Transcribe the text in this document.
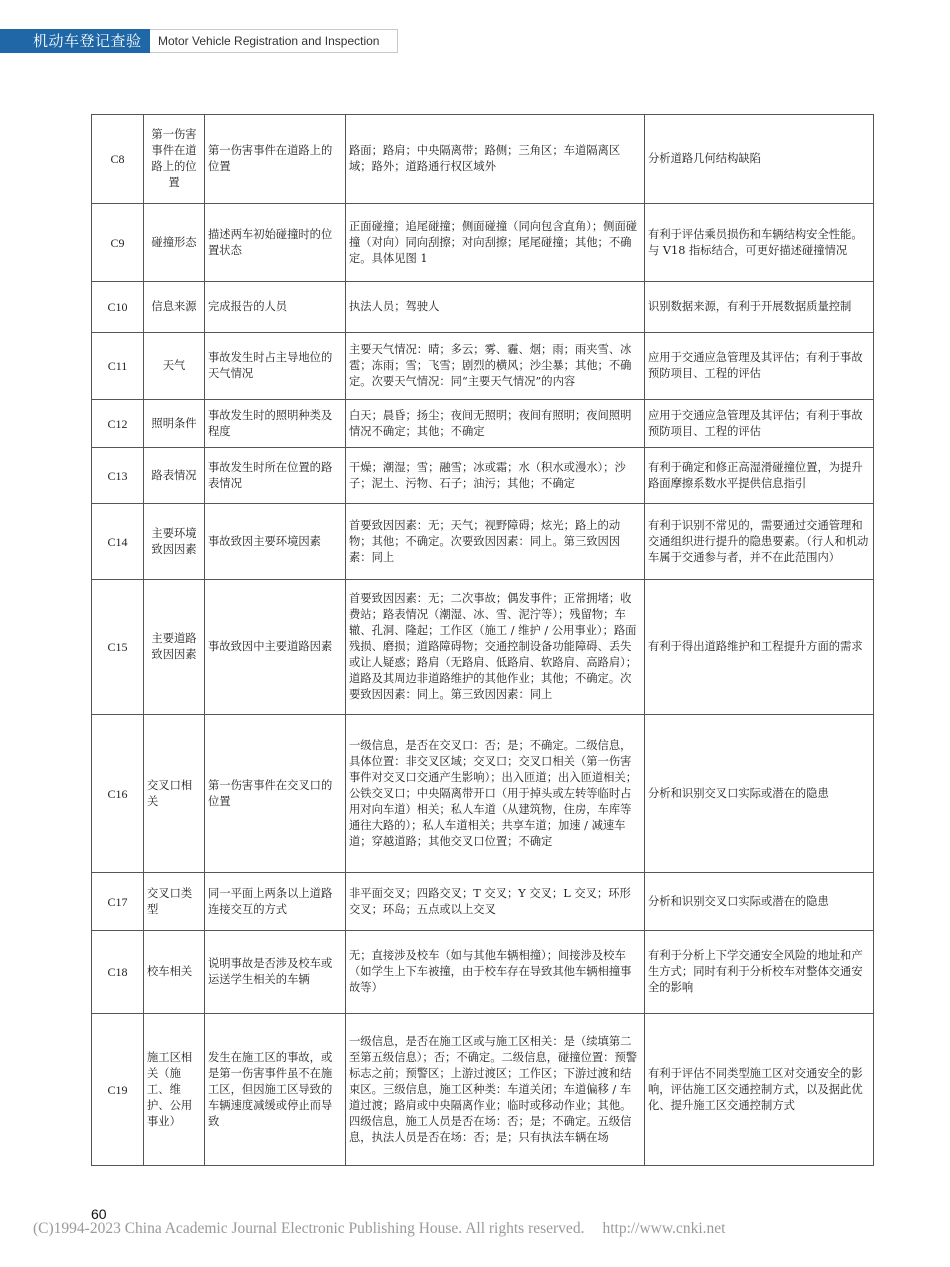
机动车登记查验	Motor Vehicle Registration and Inspection
C8	第一伤害事件在道路上的位置	第一伤害事件在道路上的位置	路面；路肩；中央隔离带；路侧；三角区；车道隔离区域；路外；道路通行权区域外	分析道路几何结构缺陷
C9	碰撞形态	描述两车初始碰撞时的位置状态	正面碰撞；追尾碰撞；侧面碰撞（同向包含直角）；侧面碰撞（对向）同向刮擦；对向刮擦；尾尾碰撞；其他；不确定。具体见图 1	有利于评估乘员损伤和车辆结构安全性能。与 V18 指标结合，可更好描述碰撞情况
C10	信息来源	完成报告的人员	执法人员；驾驶人	识别数据来源，有利于开展数据质量控制
C11	天气	事故发生时占主导地位的天气情况	主要天气情况：晴；多云；雾、霾、烟；雨；雨夹雪、冰雹；冻雨；雪；飞雪；剧烈的横风；沙尘暴；其他；不确定。次要天气情况：同“主要天气情况”的内容	应用于交通应急管理及其评估；有利于事故预防项目、工程的评估
C12	照明条件	事故发生时的照明种类及程度	白天；晨昏；扬尘；夜间无照明；夜间有照明；夜间照明情况不确定；其他；不确定	应用于交通应急管理及其评估；有利于事故预防项目、工程的评估
C13	路表情况	事故发生时所在位置的路表情况	干燥；潮湿；雪；融雪；冰或霜；水（积水或漫水）；沙子；泥土、污物、石子；油污；其他；不确定	有利于确定和修正高湿滑碰撞位置，为提升路面摩擦系数水平提供信息指引
C14	主要环境致因因素	事故致因主要环境因素	首要致因因素：无；天气；视野障碍；炫光；路上的动物；其他；不确定。次要致因因素：同上。第三致因因素：同上	有利于识别不常见的，需要通过交通管理和交通组织进行提升的隐患要素。（行人和机动车属于交通参与者，并不在此范围内）
C15	主要道路致因因素	事故致因中主要道路因素	首要致因因素：无；二次事故；偶发事件；正常拥堵；收费站；路表情况（潮湿、冰、雪、泥泞等）；残留物；车辙、孔洞、隆起；工作区（施工 / 维护 / 公用事业）；路面残损、磨损；道路障碍物；交通控制设备功能障碍、丢失或让人疑惑；路肩（无路肩、低路肩、软路肩、高路肩）；道路及其周边非道路维护的其他作业；其他；不确定。次要致因因素：同上。第三致因因素：同上	有利于得出道路维护和工程提升方面的需求
C16	交叉口相关	第一伤害事件在交叉口的位置	一级信息，是否在交叉口：否；是；不确定。二级信息，具体位置：非交叉区域；交叉口；交叉口相关（第一伤害事件对交叉口交通产生影响）；出入匝道；出入匝道相关；公铁交叉口；中央隔离带开口（用于掉头或左转等临时占用对向车道）相关；私人车道（从建筑物，住房，车库等通往大路的）；私人车道相关；共享车道；加速 / 减速车道；穿越道路；其他交叉口位置；不确定	分析和识别交叉口实际或潜在的隐患
C17	交叉口类型	同一平面上两条以上道路连接交互的方式	非平面交叉；四路交叉；T 交叉；Y 交叉；L 交叉；环形交叉；环岛；五点或以上交叉	分析和识别交叉口实际或潜在的隐患
C18	校车相关	说明事故是否涉及校车或运送学生相关的车辆	无；直接涉及校车（如与其他车辆相撞）；间接涉及校车（如学生上下车被撞，由于校车存在导致其他车辆相撞事故等）	有利于分析上下学交通安全风险的地址和产生方式；同时有利于分析校车对整体交通安全的影响
C19	施工区相关（施工、维护、公用事业）	发生在施工区的事故，或是第一伤害事件虽不在施工区，但因施工区导致的车辆速度减缓或停止而导致	一级信息，是否在施工区或与施工区相关：是（续填第二至第五级信息）；否；不确定。二级信息，碰撞位置：预警标志之前；预警区；上游过渡区；工作区；下游过渡和结束区。三级信息，施工区种类：车道关闭；车道偏移 / 车道过渡；路肩或中央隔离作业；临时或移动作业；其他。四级信息，施工人员是否在场：否；是；不确定。五级信息，执法人员是否在场：否；是；只有执法车辆在场	有利于评估不同类型施工区对交通安全的影响，评估施工区交通控制方式，以及据此优化、提升施工区交通控制方式
60
(C)1994-2023 China Academic Journal Electronic Publishing House. All rights reserved. http://www.cnki.net
